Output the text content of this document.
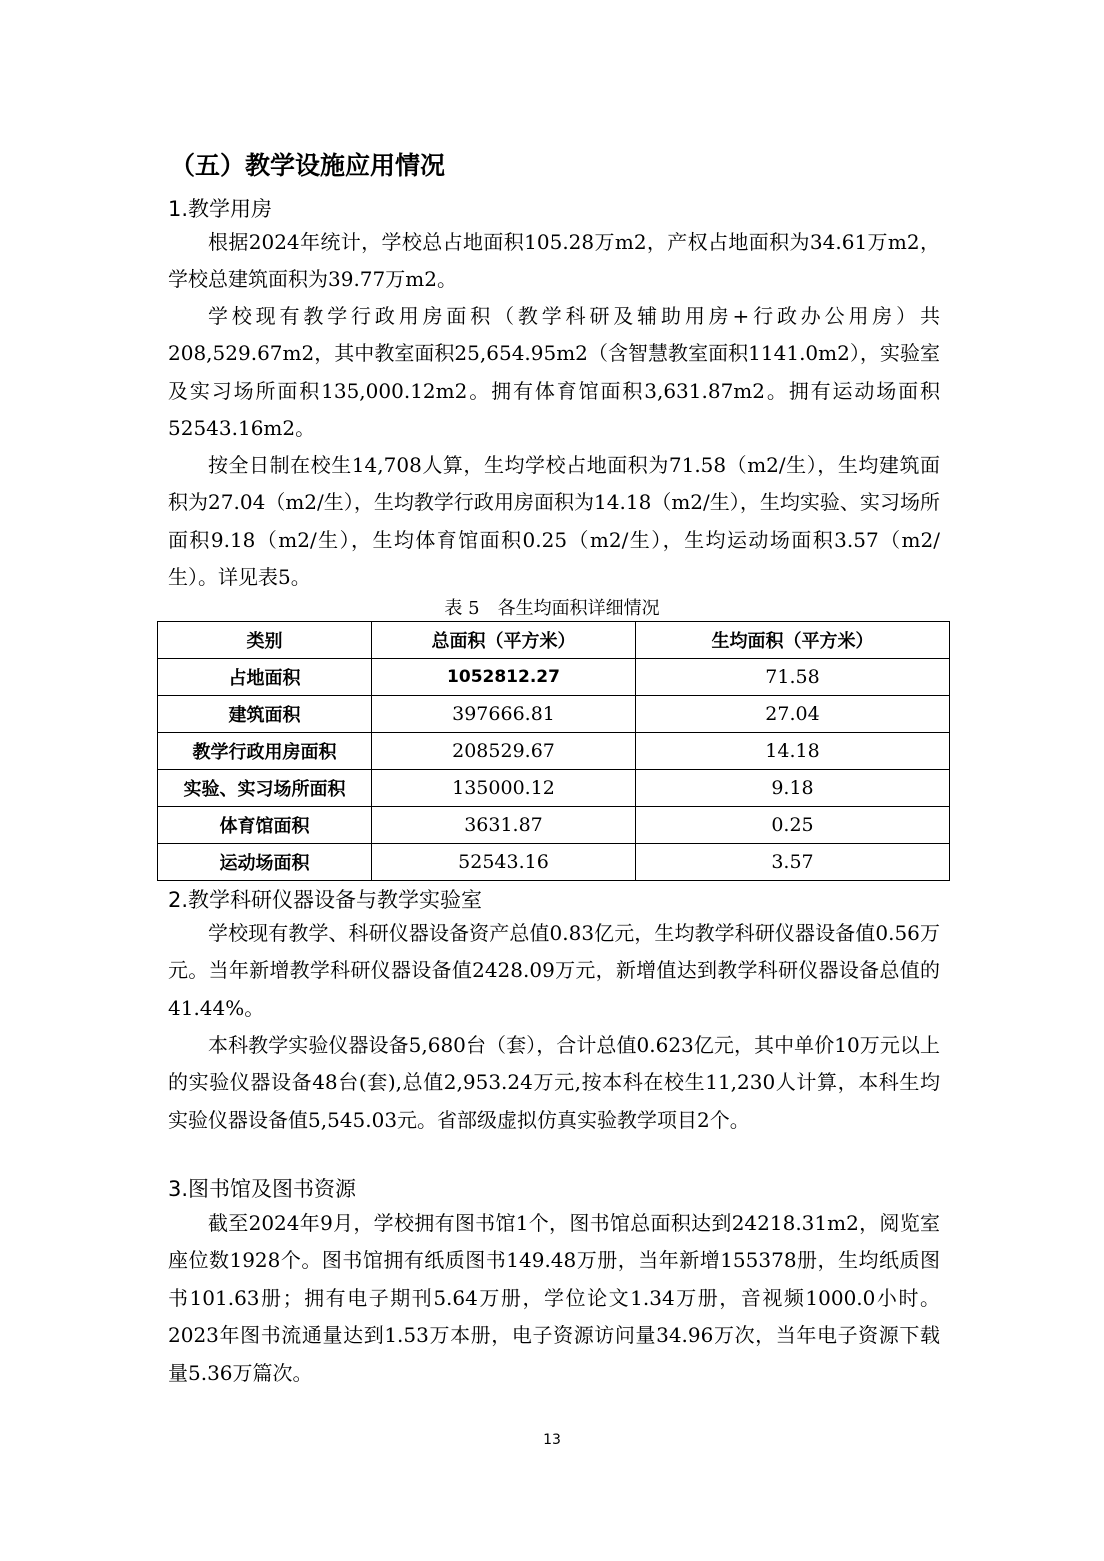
（五）教学设施应用情况
1.教学用房

根据2024年统计，学校总占地面积105.28万m2，产权占地面积为34.61万m2，学校总建筑面积为39.77万m2。

学校现有教学行政用房面积（教学科研及辅助用房+行政办公用房）共208,529.67m2，其中教室面积25,654.95m2（含智慧教室面积1141.0m2），实验室及实习场所面积135,000.12m2。拥有体育馆面积3,631.87m2。拥有运动场面积52543.16m2。

按全日制在校生14,708人算，生均学校占地面积为71.58（m2/生），生均建筑面积为27.04（m2/生），生均教学行政用房面积为14.18（m2/生），生均实验、实习场所面积9.18（m2/生），生均体育馆面积0.25（m2/生），生均运动场面积3.57（m2/生）。详见表5。

表 5　各生均面积详细情况
类别	总面积（平方米）	生均面积（平方米）
占地面积	1052812.27	71.58
建筑面积	397666.81	27.04
教学行政用房面积	208529.67	14.18
实验、实习场所面积	135000.12	9.18
体育馆面积	3631.87	0.25
运动场面积	52543.16	3.57
2.教学科研仪器设备与教学实验室

学校现有教学、科研仪器设备资产总值0.83亿元，生均教学科研仪器设备值0.56万元。当年新增教学科研仪器设备值2428.09万元，新增值达到教学科研仪器设备总值的41.44%。

本科教学实验仪器设备5,680台（套），合计总值0.623亿元，其中单价10万元以上的实验仪器设备48台(套),总值2,953.24万元,按本科在校生11,230人计算，本科生均实验仪器设备值5,545.03元。省部级虚拟仿真实验教学项目2个。

3.图书馆及图书资源

截至2024年9月，学校拥有图书馆1个，图书馆总面积达到24218.31m2，阅览室座位数1928个。图书馆拥有纸质图书149.48万册，当年新增155378册，生均纸质图书101.63册；拥有电子期刊5.64万册，学位论文1.34万册，音视频1000.0小时。2023年图书流通量达到1.53万本册，电子资源访问量34.96万次，当年电子资源下载量5.36万篇次。

13
